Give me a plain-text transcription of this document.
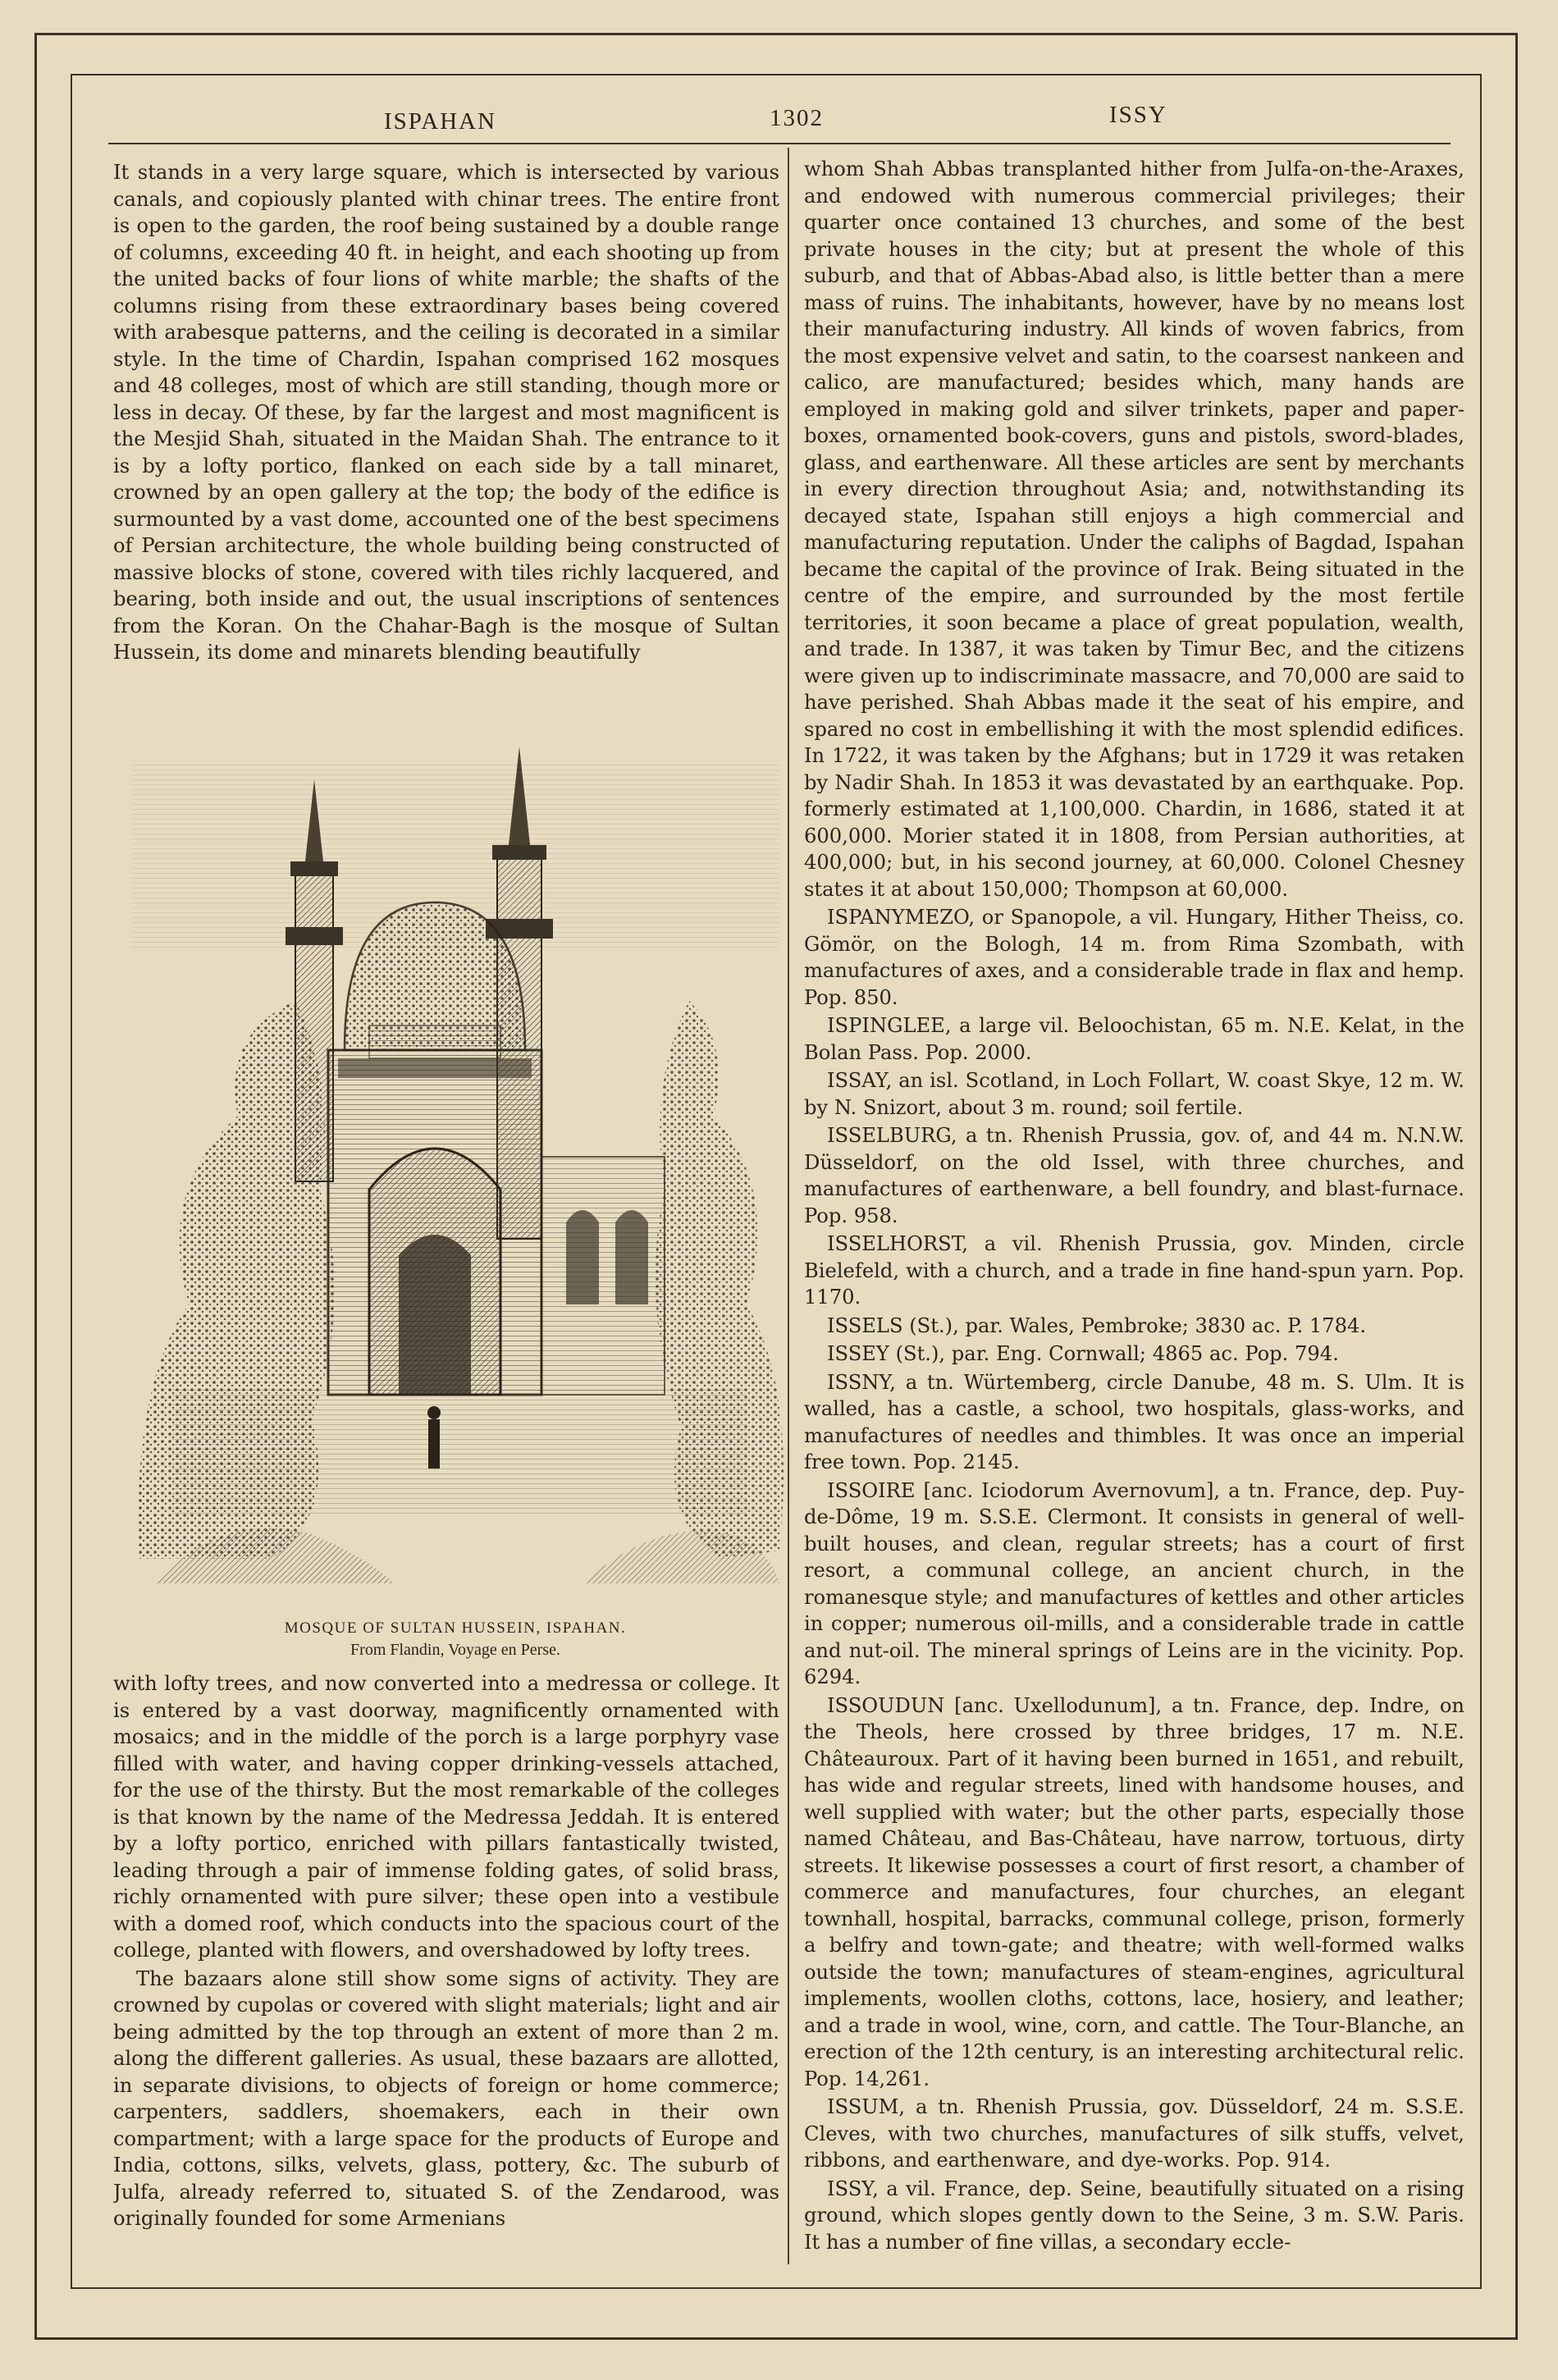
ISPAHAN	1302	ISSY

It stands in a very large square, which is intersected by various canals, and copiously planted with chinar trees. The entire front is open to the garden, the roof being sustained by a double range of columns, exceeding 40 ft. in height, and each shooting up from the united backs of four lions of white marble; the shafts of the columns rising from these extraordinary bases being covered with arabesque patterns, and the ceiling is decorated in a similar style. In the time of Chardin, Ispahan comprised 162 mosques and 48 colleges, most of which are still standing, though more or less in decay. Of these, by far the largest and most magnificent is the Mesjid Shah, situated in the Maidan Shah. The entrance to it is by a lofty portico, flanked on each side by a tall minaret, crowned by an open gallery at the top; the body of the edifice is surmounted by a vast dome, accounted one of the best specimens of Persian architecture, the whole building being constructed of massive blocks of stone, covered with tiles richly lacquered, and bearing, both inside and out, the usual inscriptions of sentences from the Koran. On the Chahar-Bagh is the mosque of Sultan Hussein, its dome and minarets blending beautifully

MOSQUE OF SULTAN HUSSEIN, ISPAHAN.
From Flandin, Voyage en Perse.

with lofty trees, and now converted into a medressa or college. It is entered by a vast doorway, magnificently ornamented with mosaics; and in the middle of the porch is a large porphyry vase filled with water, and having copper drinking-vessels attached, for the use of the thirsty. But the most remarkable of the colleges is that known by the name of the Medressa Jeddah. It is entered by a lofty portico, enriched with pillars fantastically twisted, leading through a pair of immense folding gates, of solid brass, richly ornamented with pure silver; these open into a vestibule with a domed roof, which conducts into the spacious court of the college, planted with flowers, and overshadowed by lofty trees.

The bazaars alone still show some signs of activity. They are crowned by cupolas or covered with slight materials; light and air being admitted by the top through an extent of more than 2 m. along the different galleries. As usual, these bazaars are allotted, in separate divisions, to objects of foreign or home commerce; carpenters, saddlers, shoemakers, each in their own compartment; with a large space for the products of Europe and India, cottons, silks, velvets, glass, pottery, &c. The suburb of Julfa, already referred to, situated S. of the Zendarood, was originally founded for some Armenians

whom Shah Abbas transplanted hither from Julfa-on-the-Araxes, and endowed with numerous commercial privileges; their quarter once contained 13 churches, and some of the best private houses in the city; but at present the whole of this suburb, and that of Abbas-Abad also, is little better than a mere mass of ruins. The inhabitants, however, have by no means lost their manufacturing industry. All kinds of woven fabrics, from the most expensive velvet and satin, to the coarsest nankeen and calico, are manufactured; besides which, many hands are employed in making gold and silver trinkets, paper and paper-boxes, ornamented book-covers, guns and pistols, sword-blades, glass, and earthenware. All these articles are sent by merchants in every direction throughout Asia; and, notwithstanding its decayed state, Ispahan still enjoys a high commercial and manufacturing reputation. Under the caliphs of Bagdad, Ispahan became the capital of the province of Irak. Being situated in the centre of the empire, and surrounded by the most fertile territories, it soon became a place of great population, wealth, and trade. In 1387, it was taken by Timur Bec, and the citizens were given up to indiscriminate massacre, and 70,000 are said to have perished. Shah Abbas made it the seat of his empire, and spared no cost in embellishing it with the most splendid edifices. In 1722, it was taken by the Afghans; but in 1729 it was retaken by Nadir Shah. In 1853 it was devastated by an earthquake. Pop. formerly estimated at 1,100,000. Chardin, in 1686, stated it at 600,000. Morier stated it in 1808, from Persian authorities, at 400,000; but, in his second journey, at 60,000. Colonel Chesney states it at about 150,000; Thompson at 60,000.

ISPANYMEZO, or Spanopole, a vil. Hungary, Hither Theiss, co. Gömör, on the Bologh, 14 m. from Rima Szombath, with manufactures of axes, and a considerable trade in flax and hemp. Pop. 850.

ISPINGLEE, a large vil. Beloochistan, 65 m. N.E. Kelat, in the Bolan Pass. Pop. 2000.

ISSAY, an isl. Scotland, in Loch Follart, W. coast Skye, 12 m. W. by N. Snizort, about 3 m. round; soil fertile.

ISSELBURG, a tn. Rhenish Prussia, gov. of, and 44 m. N.N.W. Düsseldorf, on the old Issel, with three churches, and manufactures of earthenware, a bell foundry, and blast-furnace. Pop. 958.

ISSELHORST, a vil. Rhenish Prussia, gov. Minden, circle Bielefeld, with a church, and a trade in fine hand-spun yarn. Pop. 1170.

ISSELS (St.), par. Wales, Pembroke; 3830 ac. P. 1784.

ISSEY (St.), par. Eng. Cornwall; 4865 ac. Pop. 794.

ISSNY, a tn. Würtemberg, circle Danube, 48 m. S. Ulm. It is walled, has a castle, a school, two hospitals, glass-works, and manufactures of needles and thimbles. It was once an imperial free town. Pop. 2145.

ISSOIRE [anc. Iciodorum Avernovum], a tn. France, dep. Puy-de-Dôme, 19 m. S.S.E. Clermont. It consists in general of well-built houses, and clean, regular streets; has a court of first resort, a communal college, an ancient church, in the romanesque style; and manufactures of kettles and other articles in copper; numerous oil-mills, and a considerable trade in cattle and nut-oil. The mineral springs of Leins are in the vicinity. Pop. 6294.

ISSOUDUN [anc. Uxellodunum], a tn. France, dep. Indre, on the Theols, here crossed by three bridges, 17 m. N.E. Châteauroux. Part of it having been burned in 1651, and rebuilt, has wide and regular streets, lined with handsome houses, and well supplied with water; but the other parts, especially those named Château, and Bas-Château, have narrow, tortuous, dirty streets. It likewise possesses a court of first resort, a chamber of commerce and manufactures, four churches, an elegant townhall, hospital, barracks, communal college, prison, formerly a belfry and town-gate; and theatre; with well-formed walks outside the town; manufactures of steam-engines, agricultural implements, woollen cloths, cottons, lace, hosiery, and leather; and a trade in wool, wine, corn, and cattle. The Tour-Blanche, an erection of the 12th century, is an interesting architectural relic. Pop. 14,261.

ISSUM, a tn. Rhenish Prussia, gov. Düsseldorf, 24 m. S.S.E. Cleves, with two churches, manufactures of silk stuffs, velvet, ribbons, and earthenware, and dye-works. Pop. 914.

ISSY, a vil. France, dep. Seine, beautifully situated on a rising ground, which slopes gently down to the Seine, 3 m. S.W. Paris. It has a number of fine villas, a secondary eccle-
